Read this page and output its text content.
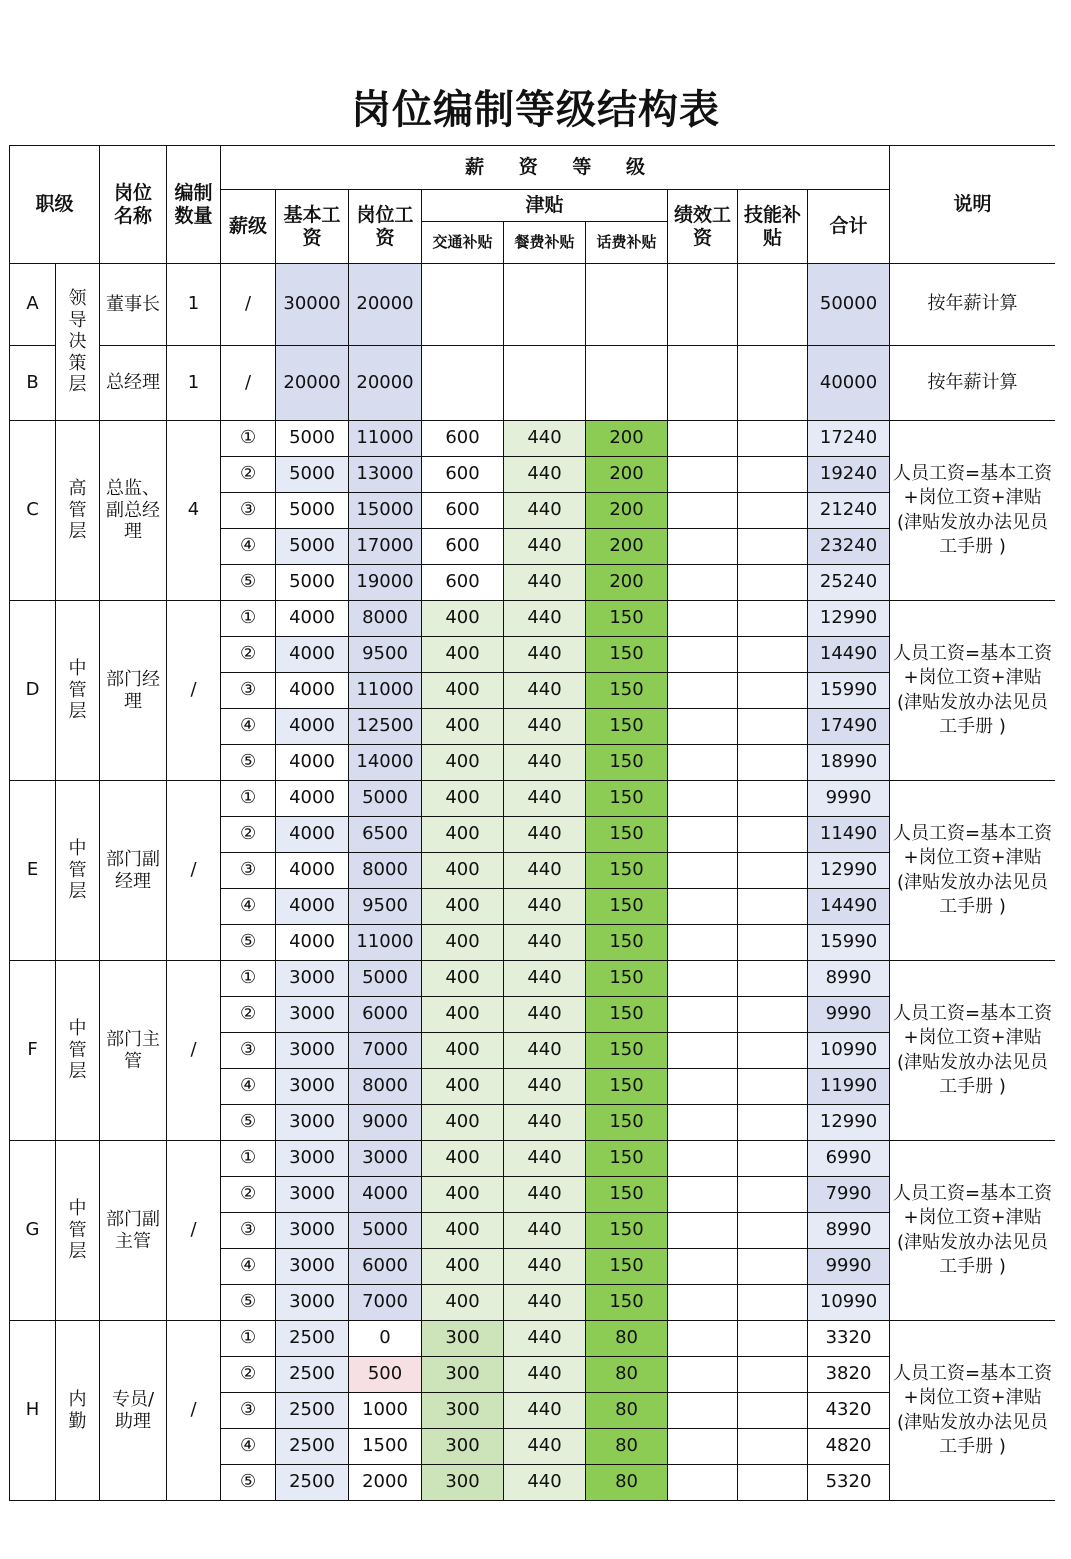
岗位编制等级结构表
职级		岗位名称	编制数量	薪 资 等 级									说明
				薪级	基本工资	岗位工资	津贴			绩效工资	技能补贴	合计	
							交通补贴	餐费补贴	话费补贴				
A	领导决策层	董事长	1	/	30000	20000						50000	按年薪计算
B		总经理	1	/	20000	20000						40000	按年薪计算
C	高管层	总监、副总经理	4	①	5000	11000	600	440	200			17240	人员工资=基本工资+岗位工资+津贴(津贴发放办法见员工手册 )
				②	5000	13000	600	440	200			19240	
				③	5000	15000	600	440	200			21240	
				④	5000	17000	600	440	200			23240	
				⑤	5000	19000	600	440	200			25240	
D	中管层	部门经理	/	①	4000	8000	400	440	150			12990	人员工资=基本工资+岗位工资+津贴(津贴发放办法见员工手册 )
				②	4000	9500	400	440	150			14490	
				③	4000	11000	400	440	150			15990	
				④	4000	12500	400	440	150			17490	
				⑤	4000	14000	400	440	150			18990	
E	中管层	部门副经理	/	①	4000	5000	400	440	150			9990	人员工资=基本工资+岗位工资+津贴(津贴发放办法见员工手册 )
				②	4000	6500	400	440	150			11490	
				③	4000	8000	400	440	150			12990	
				④	4000	9500	400	440	150			14490	
				⑤	4000	11000	400	440	150			15990	
F	中管层	部门主管	/	①	3000	5000	400	440	150			8990	人员工资=基本工资+岗位工资+津贴(津贴发放办法见员工手册 )
				②	3000	6000	400	440	150			9990	
				③	3000	7000	400	440	150			10990	
				④	3000	8000	400	440	150			11990	
				⑤	3000	9000	400	440	150			12990	
G	中管层	部门副主管	/	①	3000	3000	400	440	150			6990	人员工资=基本工资+岗位工资+津贴(津贴发放办法见员工手册 )
				②	3000	4000	400	440	150			7990	
				③	3000	5000	400	440	150			8990	
				④	3000	6000	400	440	150			9990	
				⑤	3000	7000	400	440	150			10990	
H	内勤	专员/助理	/	①	2500	0	300	440	80			3320	人员工资=基本工资+岗位工资+津贴(津贴发放办法见员工手册 )
				②	2500	500	300	440	80			3820	
				③	2500	1000	300	440	80			4320	
				④	2500	1500	300	440	80			4820	
				⑤	2500	2000	300	440	80			5320	
